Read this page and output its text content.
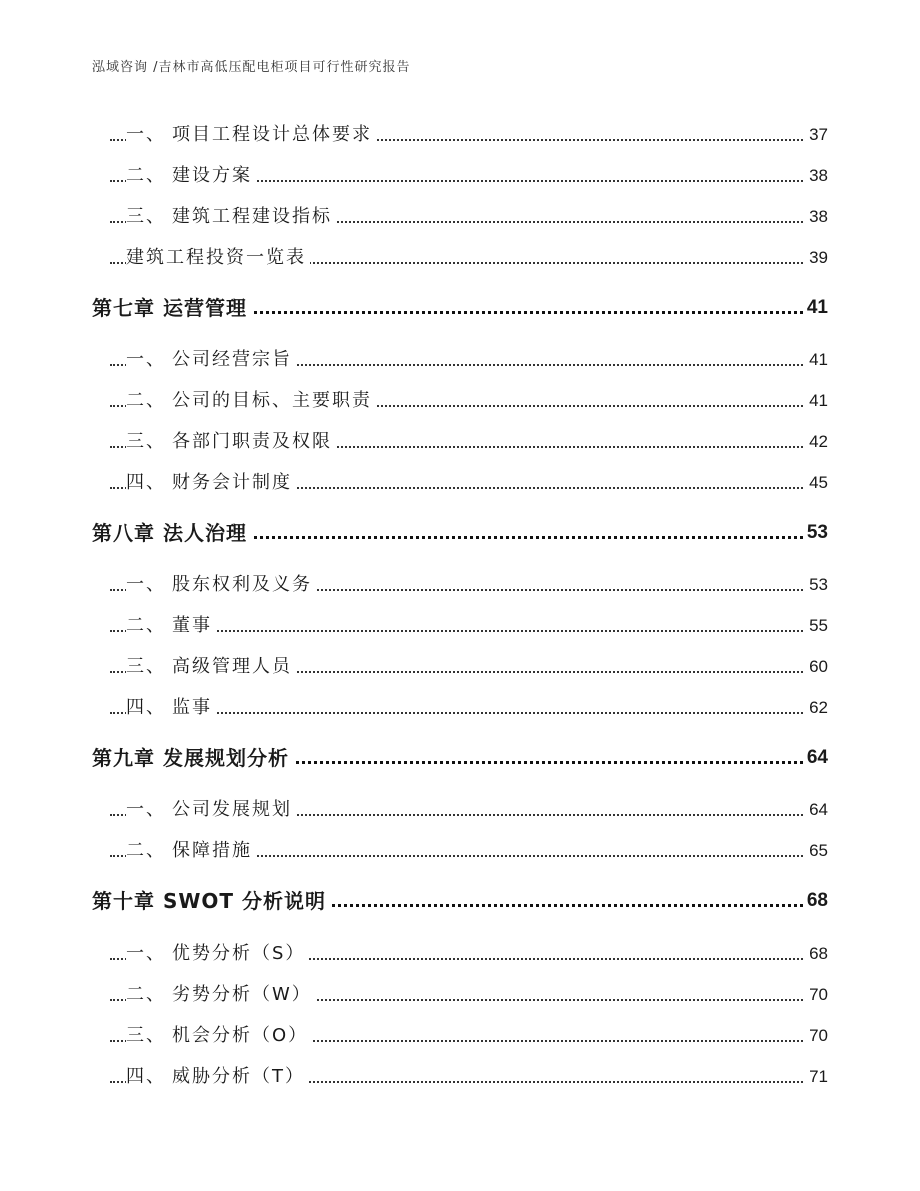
泓域咨询 /吉林市高低压配电柜项目可行性研究报告
一、 项目工程设计总体要求	37
二、 建设方案	38
三、 建筑工程建设指标	38
建筑工程投资一览表	39
第七章 运营管理	41
一、 公司经营宗旨	41
二、 公司的目标、主要职责	41
三、 各部门职责及权限	42
四、 财务会计制度	45
第八章 法人治理	53
一、 股东权利及义务	53
二、 董事	55
三、 高级管理人员	60
四、 监事	62
第九章 发展规划分析	64
一、 公司发展规划	64
二、 保障措施	65
第十章 SWOT 分析说明	68
一、 优势分析（S）	68
二、 劣势分析（W）	70
三、 机会分析（O）	70
四、 威胁分析（T）	71
